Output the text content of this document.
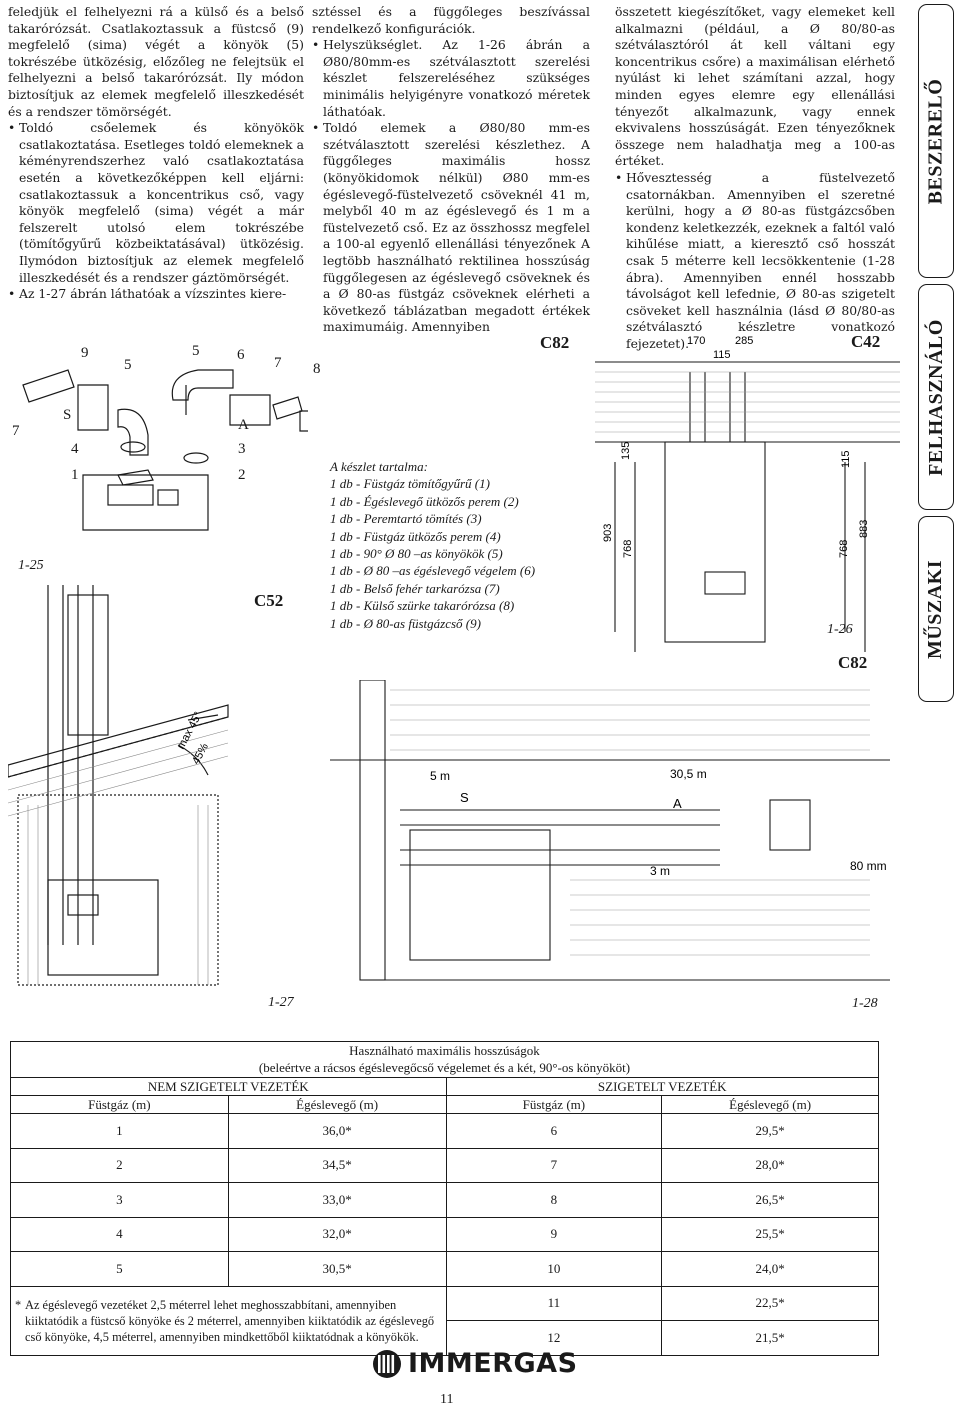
feledjük el felhelyezni rá a külső és a belső takarórózsát. Csatlakoztassuk a füstcső (9) megfelelő (sima) végét a könyök (5) tokrészébe ütközésig, előzőleg ne felejtsük el felhelyezni a belső takarórózsát. Ily módon biztosítjuk az elemek megfelelő illeszkedését és a rendszer tömörségét.

• Toldó csőelemek és könyökök csatlakoztatása. Esetleges toldó elemeknek a kéményrendszerhez való csatlakoztatása esetén a következőképpen kell eljárni: csatlakoztassuk a koncentrikus cső, vagy könyök megfelelő (sima) végét a már felszerelt utolsó elem tokrészébe (tömítőgyűrű közbeiktatásával) ütközésig. Ilymódon biztosítjuk az elemek megfelelő illeszkedését és a rendszer gáztömörségét.
• Az 1-27 ábrán láthatóak a vízszintes kiere-

sztéssel és a függőleges beszívással rendelkező konfigurációk.

• Helyszükséglet. Az 1-26 ábrán a Ø80/80mm-es szétválasztott szerelési készlet felszereléséhez szükséges minimális helyigényre vonatkozó méretek láthatóak.
• Toldó elemek a Ø80/80 mm-es szétválasztott szerelési készlethez. A függőleges maximális hossz (könyökidomok nélkül) Ø80 mm-es égéslevegő-füstelvezető csöveknél 41 m, melyből 40 m az égéslevegő és 1 m a füstelvezető cső. Ez az összhossz megfelel a 100-al egyenlő ellenállási tényezőnek A legtöbb használható rektilinea hosszúság függőlegesen az égéslevegő csöveknek és a Ø 80-as füstgáz csöveknek elérheti a következő táblázatban megadott értékek maximumáig. Amennyiben

összetett kiegészítőket, vagy elemeket kell alkalmazni (például, a Ø 80/80-as szétválasztóról át kell váltani egy koncentrikus csőre) a maximálisan elérhető nyúlást ki lehet számítani azzal, hogy minden egyes elemre egy ellenállási tényezőt alkalmazunk, vagy ennek ekvivalens hosszúságát. Ezen tényezőknek összege nem haladhatja meg a 100-as értéket.

• Hővesztesség a füstelvezető csatornákban. Amennyiben el szeretné kerülni, hogy a Ø 80-as füstgázcsőben kondenz keletkezzék, ezeknek a faltól való kihűlése miatt, a kieresztő cső hosszát csak 5 méterre kell lecsökkentenie (1-28 ábra). Amennyiben ennél hosszabb távolságot kell lefednie, Ø 80-as szigetelt csöveket kell használnia (lásd Ø 80/80-as szétválasztó készletre vonatkozó fejezetet).
BESZERELŐ
FELHASZNÁLÓ
MŰSZAKI
max 45°
45%
7
9
5
5	6 7 8
S
4
1
A
3
2
1-25
C52
1-27
C82
A készlet tartalma:
1 db - Füstgáz tömítőgyűrű (1)
1 db - Égéslevegő ütközős perem (2)
1 db - Peremtartó tömítés (3)
1 db - Füstgáz ütközős perem (4)
1 db - 90° Ø 80 –as könyökök (5)
1 db - Ø 80 –as égéslevegő végelem (6)
1 db - Belső fehér tarkarózsa (7)
1 db - Külső szürke takarórózsa (8)
1 db - Ø 80-as füstgázcső (9)
170	285
115
135	115
903
768	768
883
C42
1-26
C82
5 m	30,5 m
3 m	80 mm
S	A
1-28
Használható maximális hosszúságok			
(beleértve a rácsos égéslevegőcső végelemet és a két, 90°-os könyököt)			
NEM SZIGETELT VEZETÉK		SZIGETELT VEZETÉK	
Füstgáz (m)	Égéslevegő (m)	Füstgáz (m)	Égéslevegő (m)
1	36,0*	6	29,5*
2	34,5*	7	28,0*
3	33,0*	8	26,5*
4	32,0*	9	25,5*
5	30,5*	10	24,0*

* Az égéslevegő vezetéket 2,5 méterrel lehet meghosszabbítani, amennyiben kiiktatódik a füstcső könyöke és 2 méterrel, amennyiben kiiktatódik az égéslevegő cső könyöke, 4,5 méterrel, amennyiben mindkettőből kiiktatódnak a könyökök.		11	22,5*
		12	21,5*
IMMERGAS
11
